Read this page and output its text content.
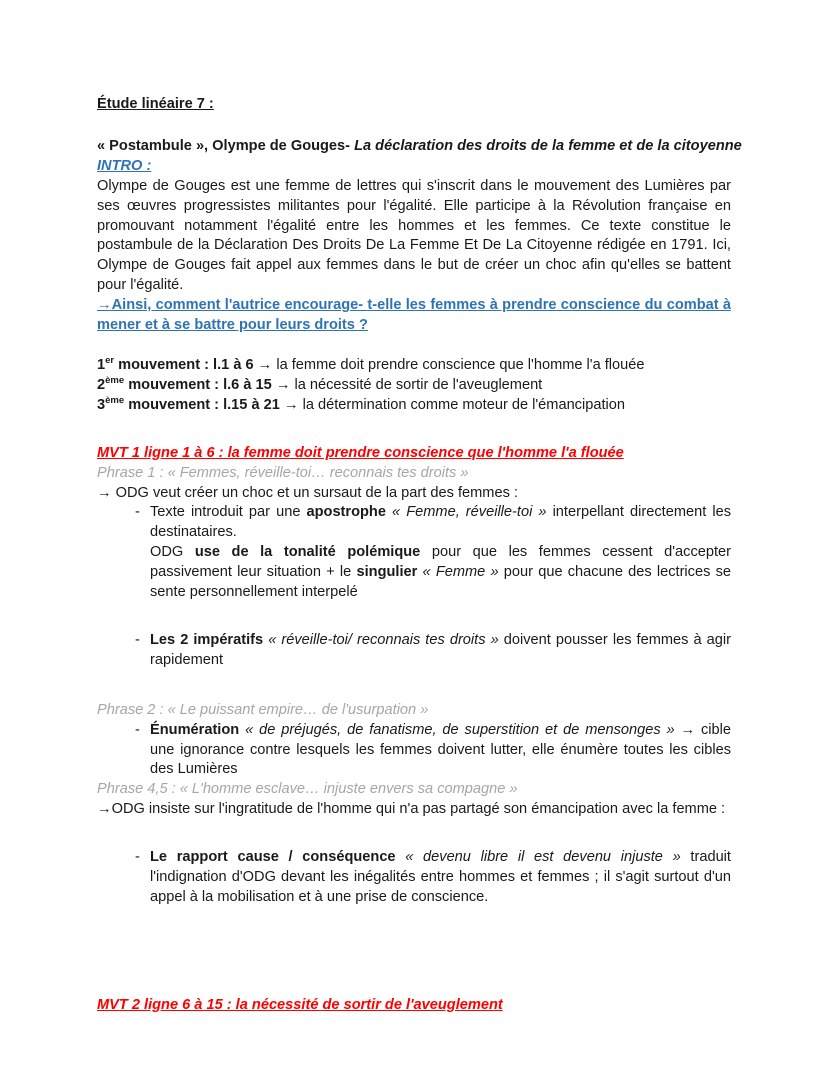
Étude linéaire 7 :

« Postambule », Olympe de Gouges- La déclaration des droits de la femme et de la citoyenne

INTRO :

Olympe de Gouges est une femme de lettres qui s'inscrit dans le mouvement des Lumières par ses œuvres progressistes militantes pour l'égalité. Elle participe à la Révolution française en promouvant notamment l'égalité entre les hommes et les femmes. Ce texte constitue le postambule de la Déclaration Des Droits De La Femme Et De La Citoyenne rédigée en 1791. Ici, Olympe de Gouges fait appel aux femmes dans le but de créer un choc afin qu'elles se battent pour l'égalité.

→Ainsi, comment l'autrice encourage- t-elle les femmes à prendre conscience du combat à mener et à se battre pour leurs droits ?

1er mouvement : l.1 à 6 → la femme doit prendre conscience que l'homme l'a flouée

2ème mouvement : l.6 à 15 → la nécessité de sortir de l'aveuglement

3ème mouvement : l.15 à 21 → la détermination comme moteur de l'émancipation

MVT 1 ligne 1 à 6 : la femme doit prendre conscience que l'homme l'a flouée

Phrase 1 : « Femmes, réveille-toi… reconnais tes droits »

→ ODG veut créer un choc et un sursaut de la part des femmes :

- Texte introduit par une apostrophe « Femme, réveille-toi » interpellant directement les destinataires.
ODG use de la tonalité polémique pour que les femmes cessent d'accepter passivement leur situation + le singulier « Femme » pour que chacune des lectrices se sente personnellement interpelé
- Les 2 impératifs « réveille-toi/ reconnais tes droits » doivent pousser les femmes à agir rapidement

Phrase 2 : « Le puissant empire… de l'usurpation »

- Énumération « de préjugés, de fanatisme, de superstition et de mensonges » → cible une ignorance contre lesquels les femmes doivent lutter, elle énumère toutes les cibles des Lumières

Phrase 4,5 : « L'homme esclave… injuste envers sa compagne »

→ODG insiste sur l'ingratitude de l'homme qui n'a pas partagé son émancipation avec la femme :

- Le rapport cause / conséquence « devenu libre il est devenu injuste » traduit l'indignation d'ODG devant les inégalités entre hommes et femmes ; il s'agit surtout d'un appel à la mobilisation et à une prise de conscience.

MVT 2 ligne 6 à 15 : la nécessité de sortir de l'aveuglement
